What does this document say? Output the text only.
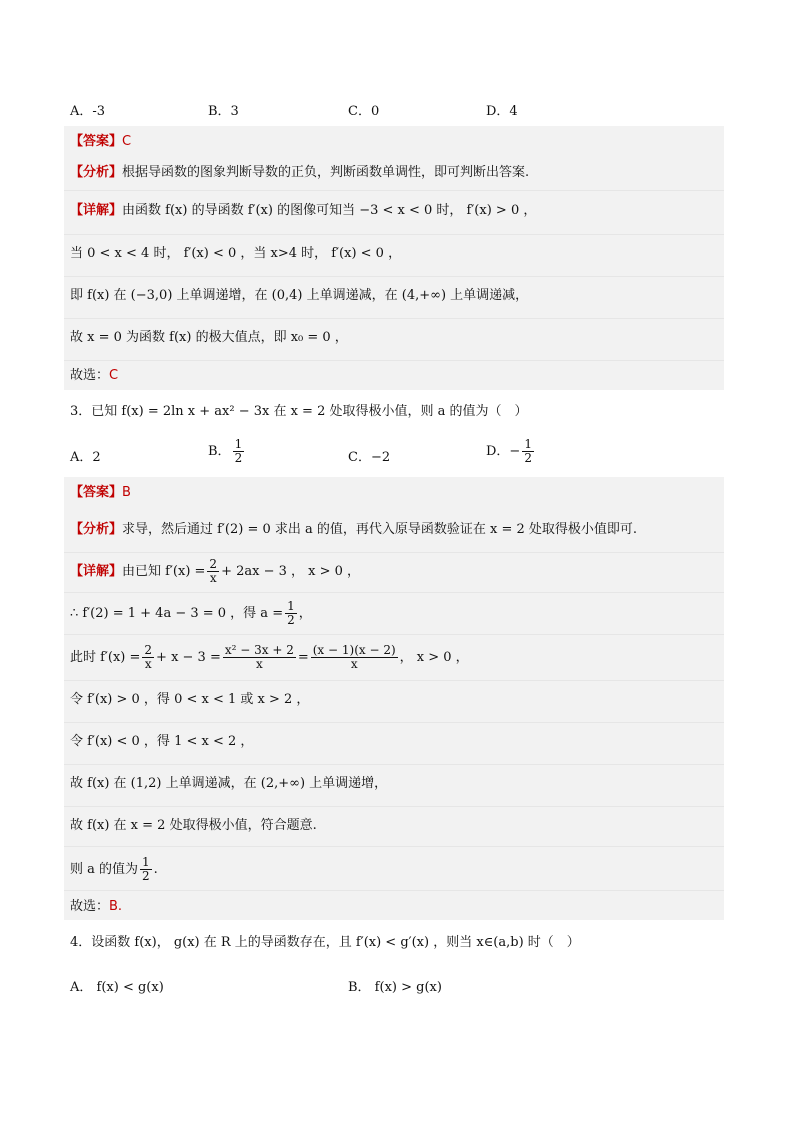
A．-3	B．3	C．0	D．4
【答案】C
【分析】根据导函数的图象判断导数的正负，判断函数单调性，即可判断出答案.
【详解】由函数 f(x) 的导函数 f′(x) 的图像可知当 −3 < x < 0 时， f′(x) > 0 ，
当 0 < x < 4 时， f′(x) < 0 ，当 x>4 时， f′(x) < 0 ，
即 f(x) 在 (−3,0) 上单调递增，在 (0,4) 上单调递减，在 (4,+∞) 上单调递减，
故 x = 0 为函数 f(x) 的极大值点，即 x₀ = 0 ，
故选：C
3．已知 f(x) = 2ln x + ax² − 3x 在 x = 2 处取得极小值，则 a 的值为（　）
A．2	B． $\frac{1}{2}$	C．−2	D．− $\frac{1}{2}$
【答案】B
【分析】求导，然后通过 f′(2) = 0 求出 a 的值，再代入原导函数验证在 x = 2 处取得极小值即可.
【详解】由已知 $f'(x) = \frac{2}{x} + 2ax - 3$ ， x > 0 ，
∴ f′(2) = 1 + 4a − 3 = 0 ，得 $a = \frac{1}{2}$ ，
此时 $f'(x) = \frac{2}{x} + x - 3 = \frac{\text{x² − 3x + 2}}{x} = \frac{(x - 1)(x - 2)}{x}$ ， x > 0 ，
令 f′(x) > 0 ，得 0 < x < 1 或 x > 2 ，
令 f′(x) < 0 ，得 1 < x < 2 ，
故 f(x) 在 (1,2) 上单调递减，在 (2,+∞) 上单调递增，
故 f(x) 在 x = 2 处取得极小值，符合题意.
则 a 的值为 $\frac{1}{2}$ .
故选：B.
4．设函数 f(x)， g(x) 在 R 上的导函数存在，且 f′(x) < g′(x) ，则当 x∈(a,b) 时（　）
A． f(x) < g(x)	B． f(x) > g(x)
